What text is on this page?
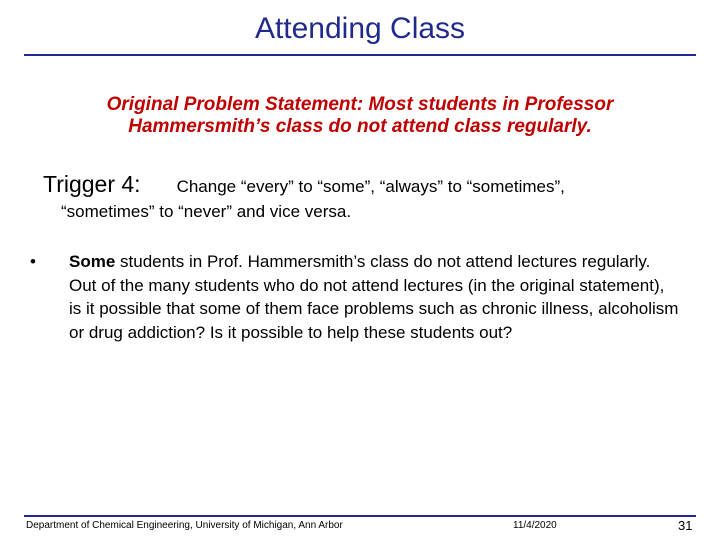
Attending Class
Original Problem Statement: Most students in Professor
Hammersmith’s class do not attend class regularly.
Trigger 4: Change “every” to “some”, “always” to “sometimes”,
“sometimes” to “never” and vice versa.
• Some students in Prof. Hammersmith’s class do not attend lectures regularly. Out of the many students who do not attend lectures (in the original statement), is it possible that some of them face problems such as chronic illness, alcoholism or drug addiction? Is it possible to help these students out?
Department of Chemical Engineering, University of Michigan, Ann Arbor	11/4/2020	31
